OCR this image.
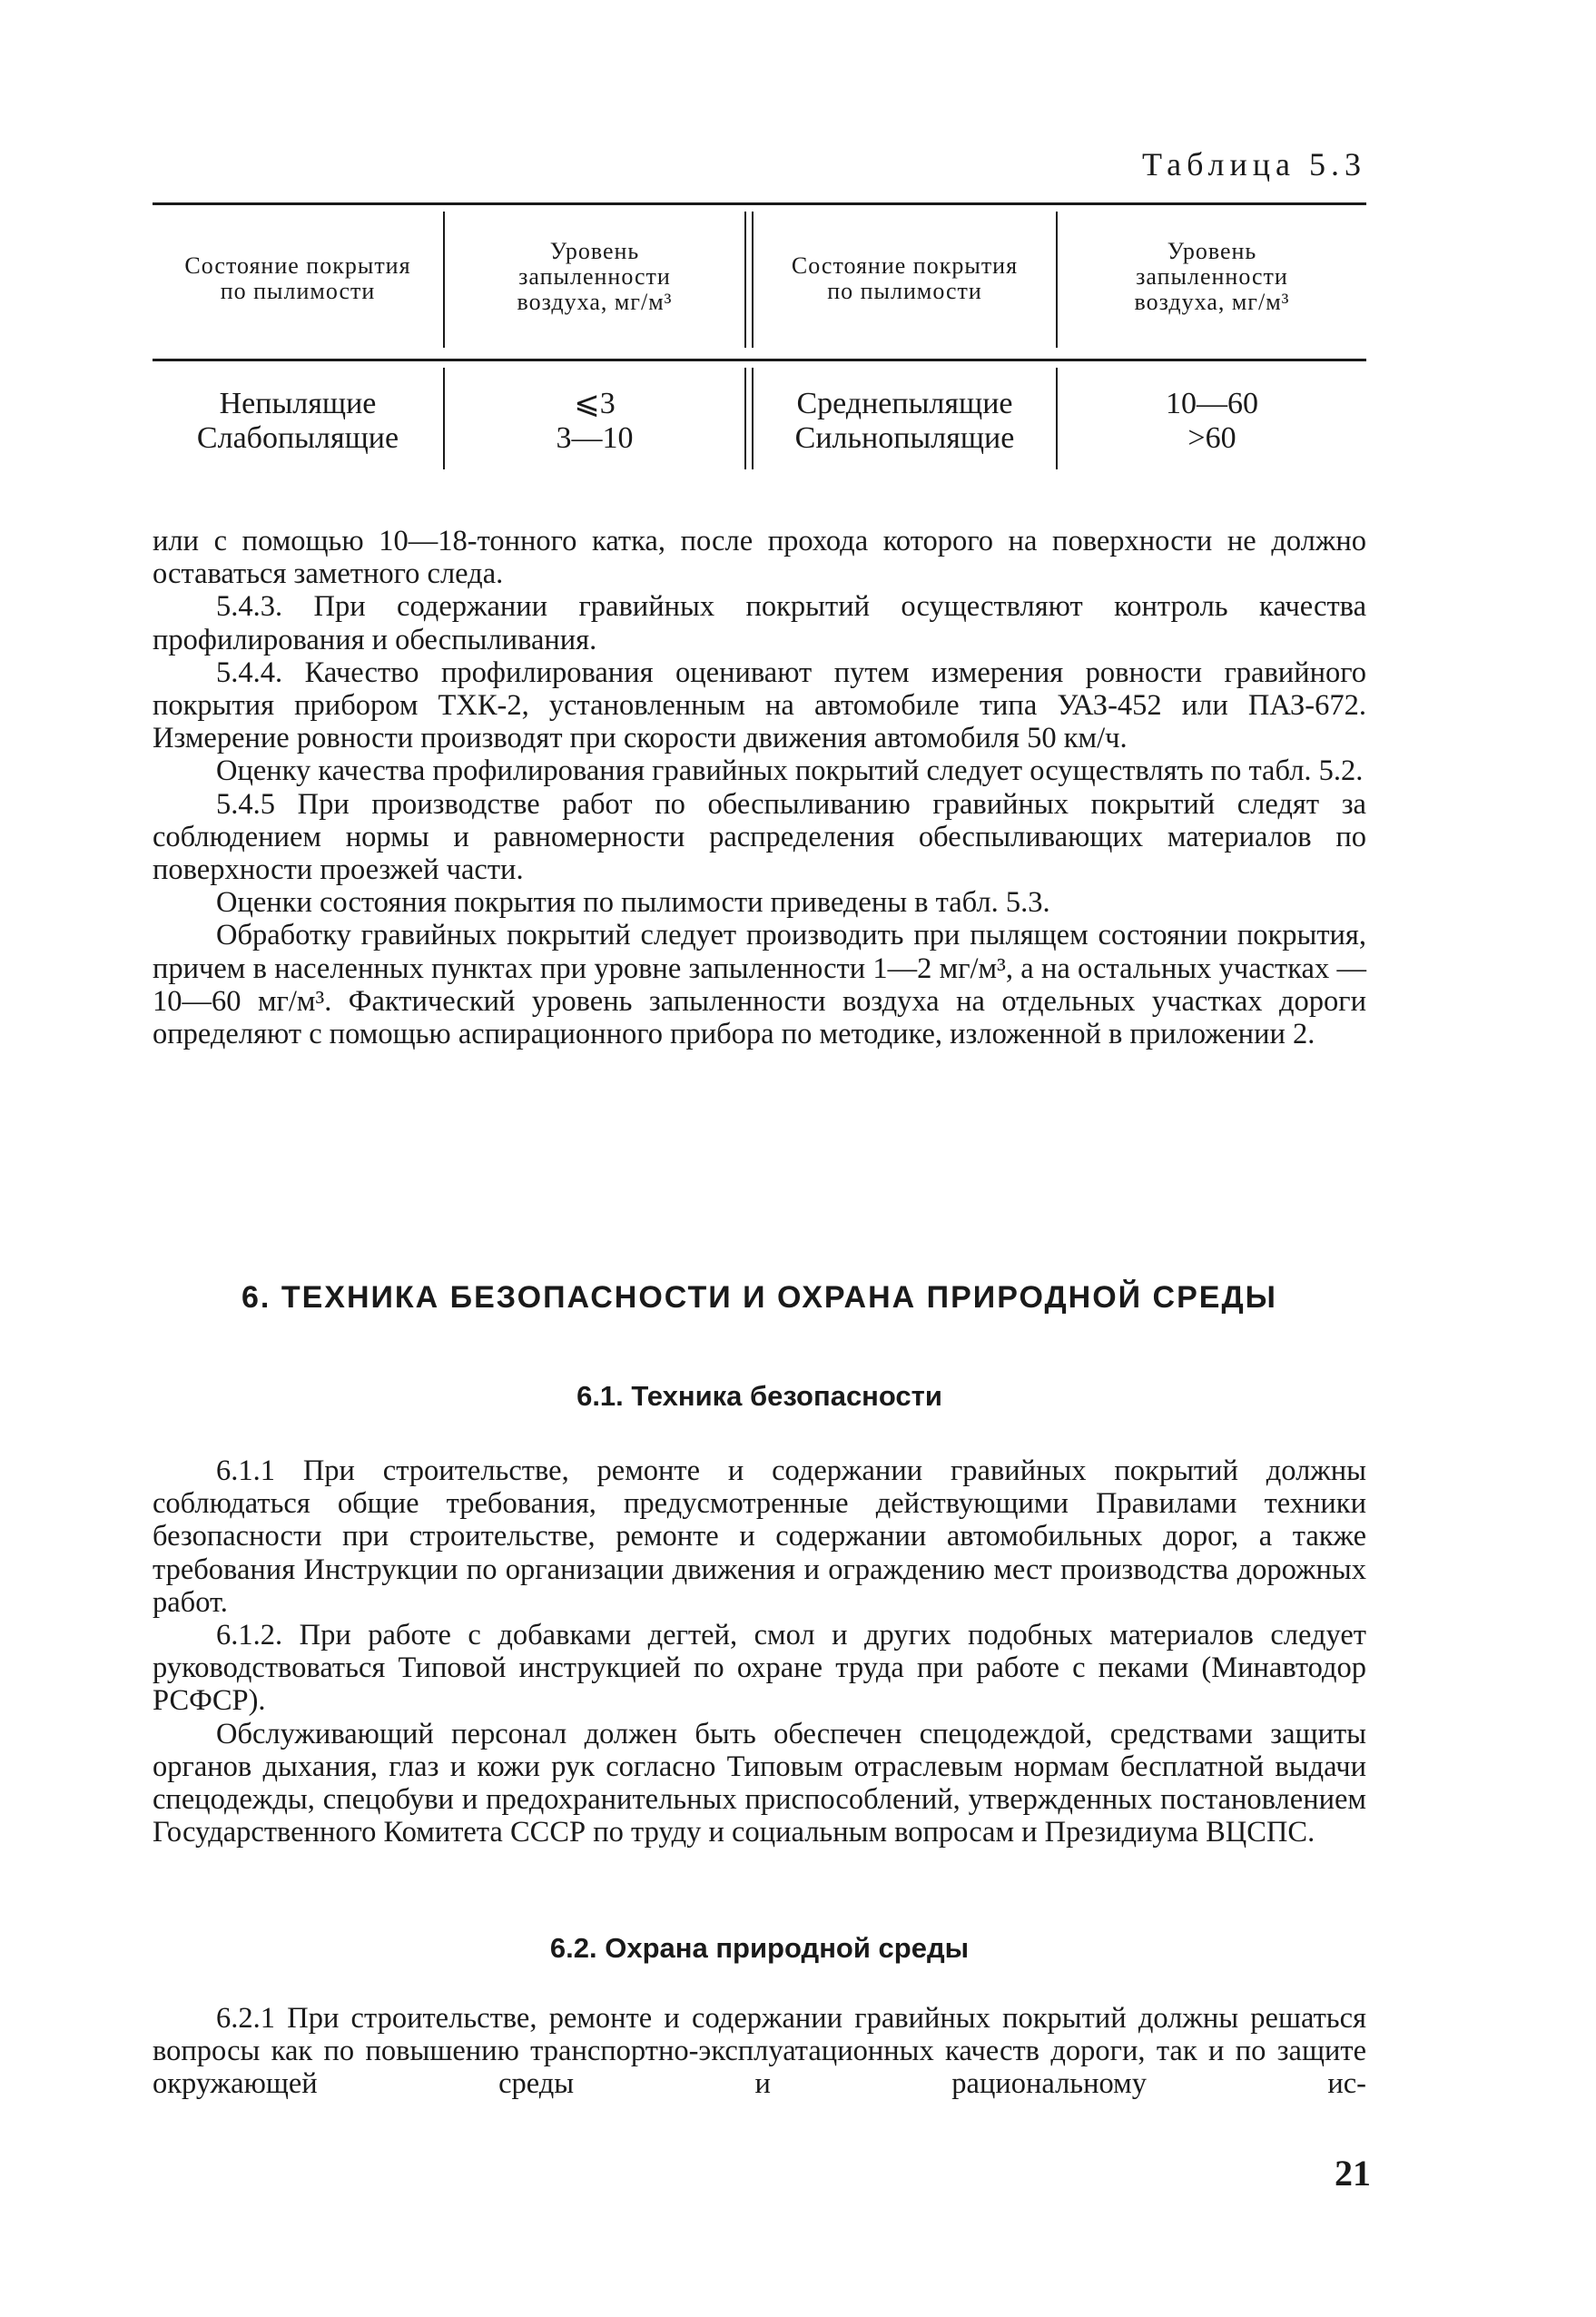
Таблица 5.3
Состояние покрытия
по пылимости
Уровень
запыленности
воздуха, мг/м³
Состояние покрытия
по пылимости
Уровень
запыленности
воздуха, мг/м³
Непылящие
Слабопылящие
⩽3
3—10
Среднепылящие
Сильнопылящие
10—60
>60

или с помощью 10—18-тонного катка, после прохода которого на поверхности не должно оставаться заметного следа.

5.4.3. При содержании гравийных покрытий осуществляют контроль качества профилирования и обеспыливания.

5.4.4. Качество профилирования оценивают путем измерения ровности гравийного покрытия прибором ТХК-2, установленным на автомобиле типа УАЗ-452 или ПАЗ-672. Измерение ровности производят при скорости движения автомобиля 50 км/ч.

Оценку качества профилирования гравийных покрытий следует осуществлять по табл. 5.2.

5.4.5 При производстве работ по обеспыливанию гравийных покрытий следят за соблюдением нормы и равномерности распределения обеспыливающих материалов по поверхности проезжей части.

Оценки состояния покрытия по пылимости приведены в табл. 5.3.

Обработку гравийных покрытий следует производить при пылящем состоянии покрытия, причем в населенных пунктах при уровне запыленности 1—2 мг/м³, а на остальных участках — 10—60 мг/м³. Фактический уровень запыленности воздуха на отдельных участках дороги определяют с помощью аспирационного прибора по методике, изложенной в приложении 2.

6. ТЕХНИКА БЕЗОПАСНОСТИ И ОХРАНА ПРИРОДНОЙ СРЕДЫ
6.1. Техника безопасности

6.1.1 При строительстве, ремонте и содержании гравийных покрытий должны соблюдаться общие требования, предусмотренные действующими Правилами техники безопасности при строительстве, ремонте и содержании автомобильных дорог, а также требования Инструкции по организации движения и ограждению мест производства дорожных работ.

6.1.2. При работе с добавками дегтей, смол и других подобных материалов следует руководствоваться Типовой инструкцией по охране труда при работе с пеками (Минавтодор РСФСР).

Обслуживающий персонал должен быть обеспечен спецодеждой, средствами защиты органов дыхания, глаз и кожи рук согласно Типовым отраслевым нормам бесплатной выдачи спецодежды, спецобуви и предохранительных приспособлений, утвержденных постановлением Государственного Комитета СССР по труду и социальным вопросам и Президиума ВЦСПС.

6.2. Охрана природной среды

6.2.1 При строительстве, ремонте и содержании гравийных покрытий должны решаться вопросы как по повышению транспортно-эксплуатационных качеств дороги, так и по защите окружающей среды и рациональному ис-

21
